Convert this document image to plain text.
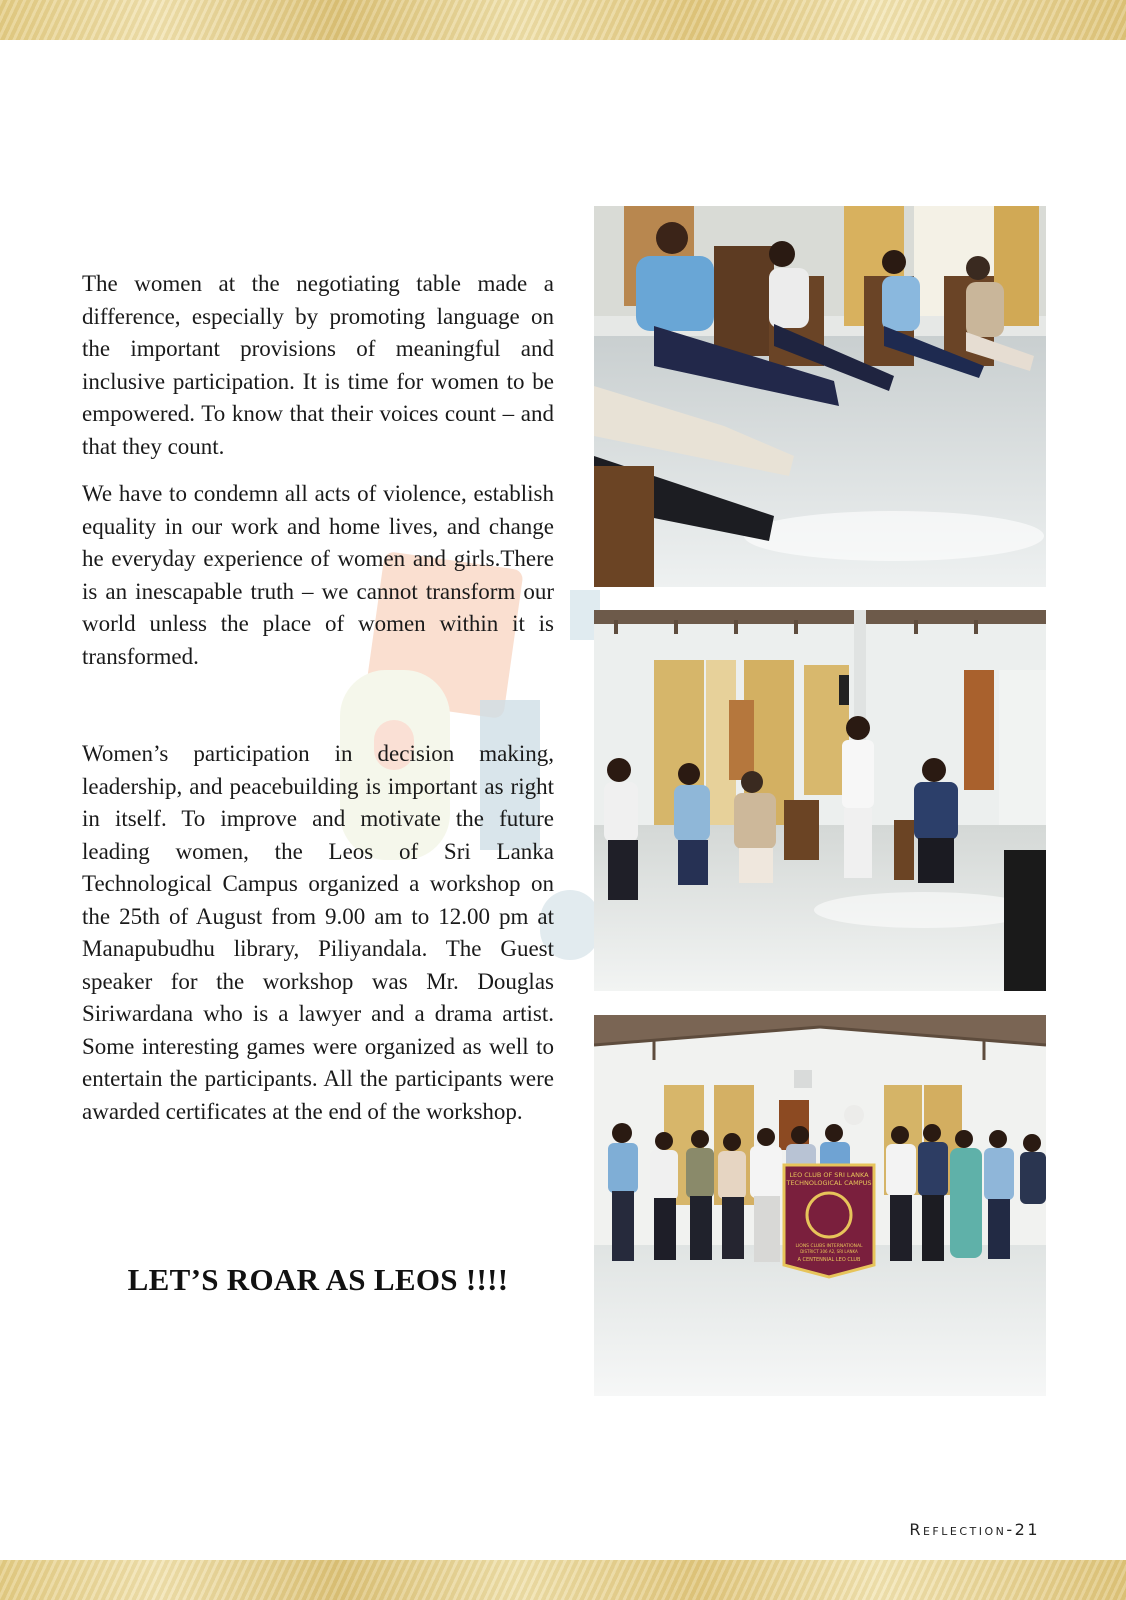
The women at the negotiating table made a difference, especially by promoting language on the important provisions of meaningful and inclusive participation. It is time for women to be empowered. To know that their voices count – and that they count.

We have to condemn all acts of violence, establish equality in our work and home lives, and change he everyday experience of women and girls.There is an inescapable truth – we cannot transform our world unless the place of women within it is transformed.

Women’s participation in decision making, leadership, and peacebuilding is important as right in itself. To improve and motivate the future leading women, the Leos of Sri Lanka Technological Campus organized a workshop on the 25th of August from 9.00 am to 12.00 pm at Manapubudhu library, Piliyandala. The Guest speaker for the workshop was Mr. Douglas Siriwardana who is a lawyer and a drama artist. Some interesting games were organized as well to entertain the participants. All the participants were awarded certificates at the end of the workshop.

LET’S ROAR AS LEOS !!!!
LEO CLUB OF SRI LANKA
TECHNOLOGICAL CAMPUS
LIONS CLUBS INTERNATIONAL
DISTRICT 306 A2, SRI LANKA
A CENTENNIAL LEO CLUB
Reflection-21
